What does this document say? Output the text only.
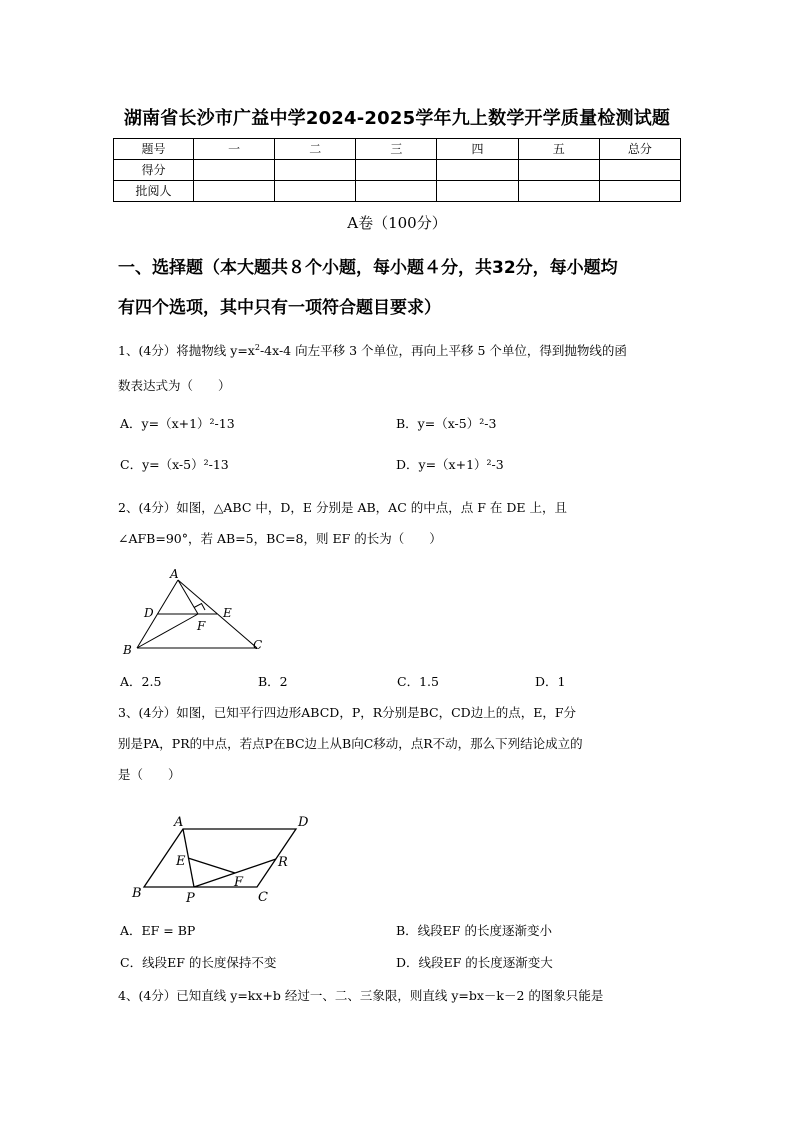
湖南省长沙市广益中学2024-2025学年九上数学开学质量检测试题
题号	一	二	三	四	五	总分
得分						
批阅人						
A卷（100分）
一、选择题（本大题共８个小题，每小题４分，共32分，每小题均
有四个选项，其中只有一项符合题目要求）
1、(4分）将抛物线 $y=x^2-4x-4$ 向左平移 3 个单位，再向上平移 5 个单位，得到抛物线的函
数表达式为（　　）
A．y=（x+1）²-13	B．y=（x-5）²-3
C．y=（x-5）²-13	D．y=（x+1）²-3
2、(4分）如图，△ABC 中，D，E 分别是 AB，AC 的中点，点 F 在 DE 上，且
∠AFB=90°，若 AB=5，BC=8，则 EF 的长为（　　）
A
B	C
D	E
F
A．2.5	B．2	C．1.5	D．1
3、(4分）如图，已知平行四边形ABCD，P，R分别是BC，CD边上的点，E，F分
别是PA，PR的中点，若点P在BC边上从B向C移动，点R不动，那么下列结论成立的
是（　　）
A	D
B	C
P
R
E
F
A．EF = BP	B．线段EF 的长度逐渐变小
C．线段EF 的长度保持不变	D．线段EF 的长度逐渐变大
4、(4分）已知直线 y=kx+b 经过一、二、三象限，则直线 y=bx－k－2 的图象只能是
